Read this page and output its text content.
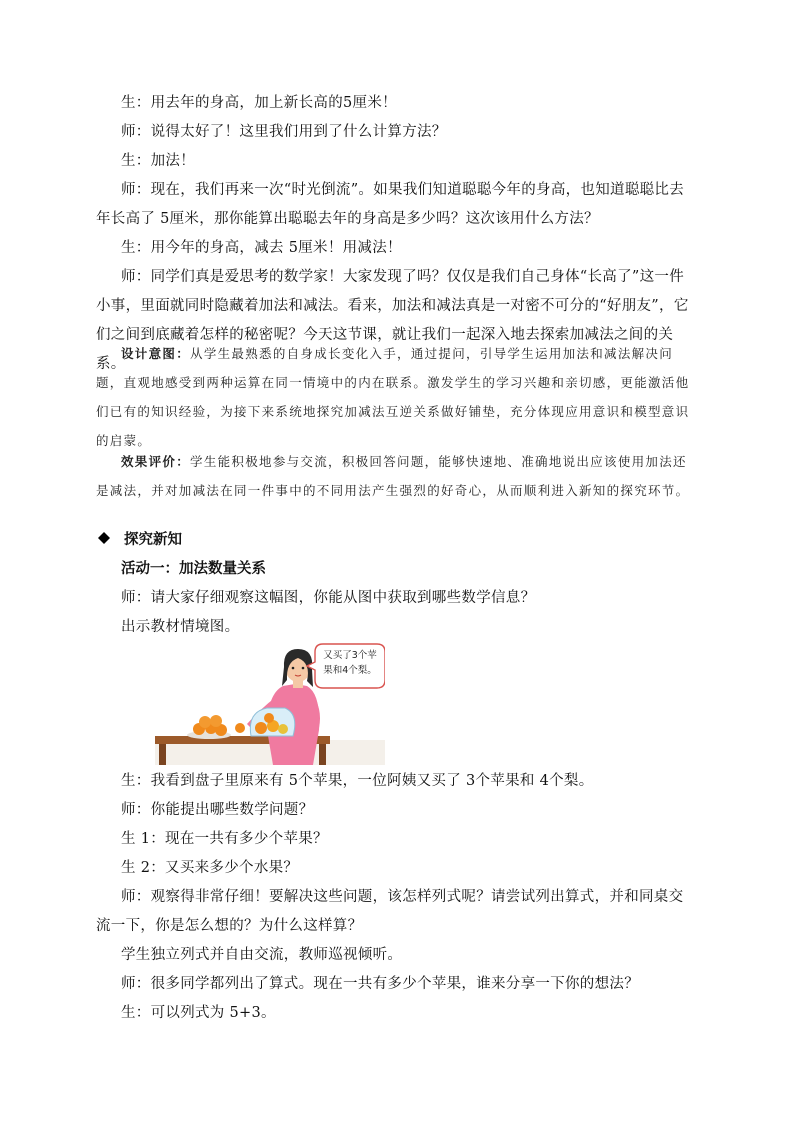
生：用去年的身高，加上新长高的5厘米！

师：说得太好了！这里我们用到了什么计算方法？

生：加法！

师：现在，我们再来一次“时光倒流”。如果我们知道聪聪今年的身高，也知道聪聪比去年长高了 5厘米，那你能算出聪聪去年的身高是多少吗？这次该用什么方法？

生：用今年的身高，减去 5厘米！用减法！

师：同学们真是爱思考的数学家！大家发现了吗？仅仅是我们自己身体“长高了”这一件小事，里面就同时隐藏着加法和减法。看来，加法和减法真是一对密不可分的“好朋友”，它们之间到底藏着怎样的秘密呢？今天这节课，就让我们一起深入地去探索加减法之间的关系。

设计意图：从学生最熟悉的自身成长变化入手，通过提问，引导学生运用加法和减法解决问题，直观地感受到两种运算在同一情境中的内在联系。激发学生的学习兴趣和亲切感，更能激活他们已有的知识经验，为接下来系统地探究加减法互逆关系做好铺垫，充分体现应用意识和模型意识的启蒙。

效果评价：学生能积极地参与交流，积极回答问题，能够快速地、准确地说出应该使用加法还是减法，并对加减法在同一件事中的不同用法产生强烈的好奇心，从而顺利进入新知的探究环节。

探究新知
活动一：加法数量关系

师：请大家仔细观察这幅图，你能从图中获取到哪些数学信息？

出示教材情境图。

又买了3个苹果和4个梨。

生：我看到盘子里原来有 5个苹果，一位阿姨又买了 3个苹果和 4个梨。

师：你能提出哪些数学问题？

生 1：现在一共有多少个苹果？

生 2：又买来多少个水果？

师：观察得非常仔细！要解决这些问题，该怎样列式呢？请尝试列出算式，并和同桌交流一下，你是怎么想的？为什么这样算？

学生独立列式并自由交流，教师巡视倾听。

师：很多同学都列出了算式。现在一共有多少个苹果，谁来分享一下你的想法？

生：可以列式为 5+3。
